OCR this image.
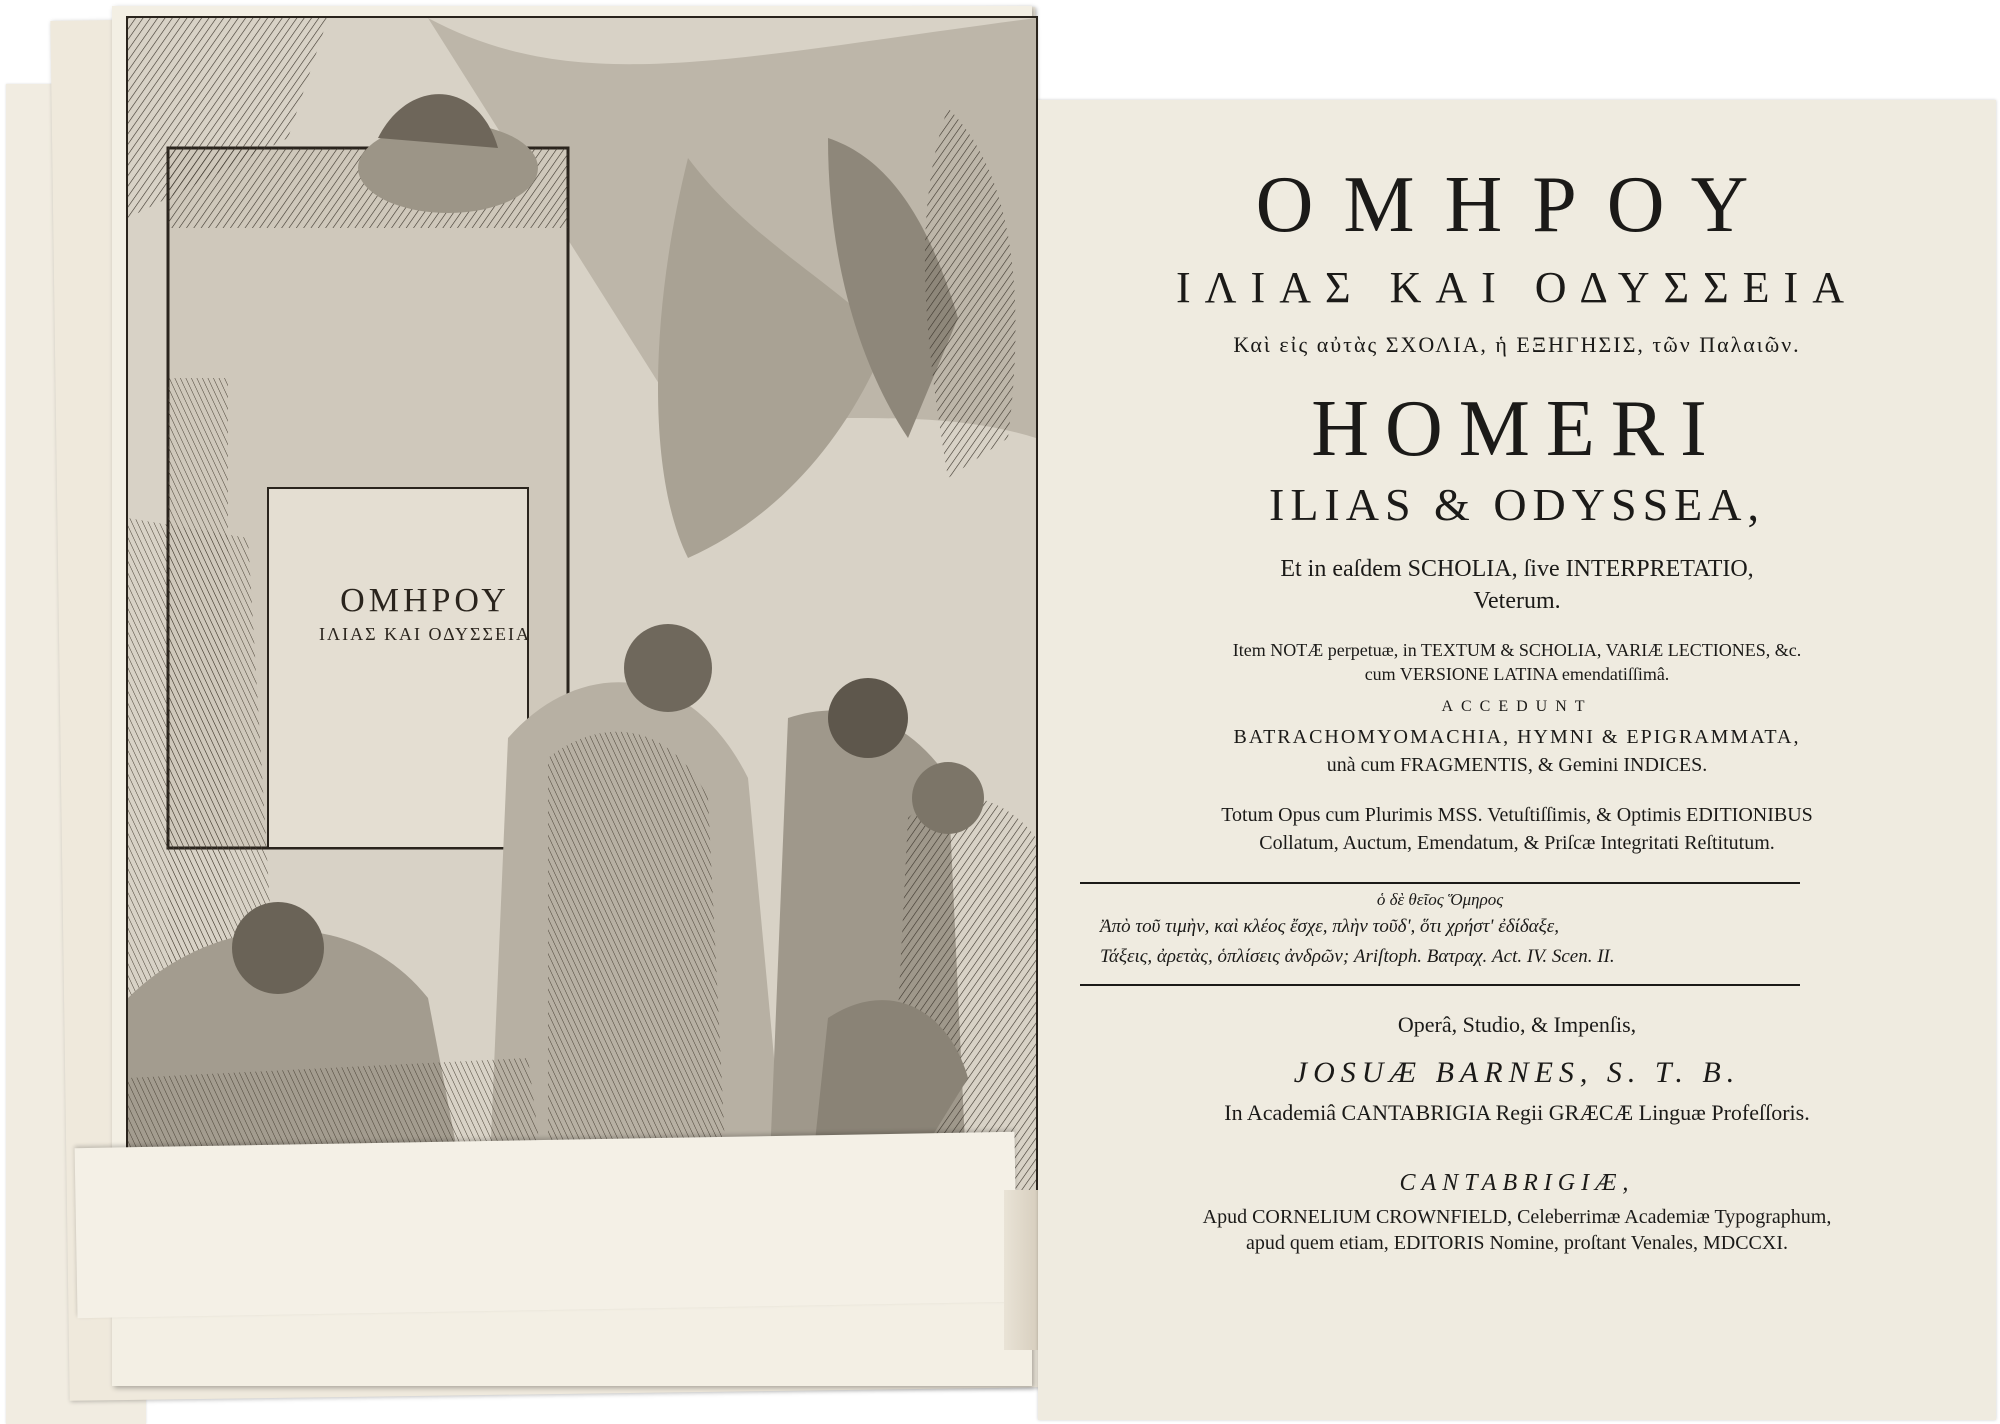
ΟΜΗΡΟΥ
ΙΛΙΑΣ ΚΑΙ ΟΔΥΣΣΕΙΑ
ΟΜΗΡΟΥ
ΙΛΙΑΣ ΚΑΙ ΟΔΥΣΣΕΙΑ
Καὶ εἰς αὐτὰς ΣΧΟΛΙΑ, ἡ ΕΞΗΓΗΣΙΣ, τῶν Παλαιῶν.
HOMERI
ILIAS & ODYSSEA,
Et in eaſdem SCHOLIA, ſive INTERPRETATIO,
Veterum.
Item NOTÆ perpetuæ, in TEXTUM & SCHOLIA, VARIÆ LECTIONES, &c.
cum VERSIONE LATINA emendatiſſimâ.
ACCEDUNT
BATRACHOMYOMACHIA, HYMNI & EPIGRAMMATA,
unà cum FRAGMENTIS, & Gemini INDICES.
Totum Opus cum Plurimis MSS. Vetuſtiſſimis, & Optimis EDITIONIBUS
Collatum, Auctum, Emendatum, & Priſcæ Integritati Reſtitutum.
ὁ δὲ θεῖος Ὅμηρος
Ἀπὸ τοῦ τιμὴν, καὶ κλέος ἔσχε, πλὴν τοῦδ', ὅτι χρήστ' ἐδίδαξε,
Τάξεις, ἀρετὰς, ὁπλίσεις ἀνδρῶν; Ariſtoph. Βατραχ. Act. IV. Scen. II.
Operâ, Studio, & Impenſis,
JOSUÆ BARNES, S. T. B.
In Academiâ CANTABRIGIA Regii GRÆCÆ Linguæ Profeſſoris.
CANTABRIGIÆ,
Apud CORNELIUM CROWNFIELD, Celeberrimæ Academiæ Typographum,
apud quem etiam, EDITORIS Nomine, proſtant Venales, MDCCXI.
